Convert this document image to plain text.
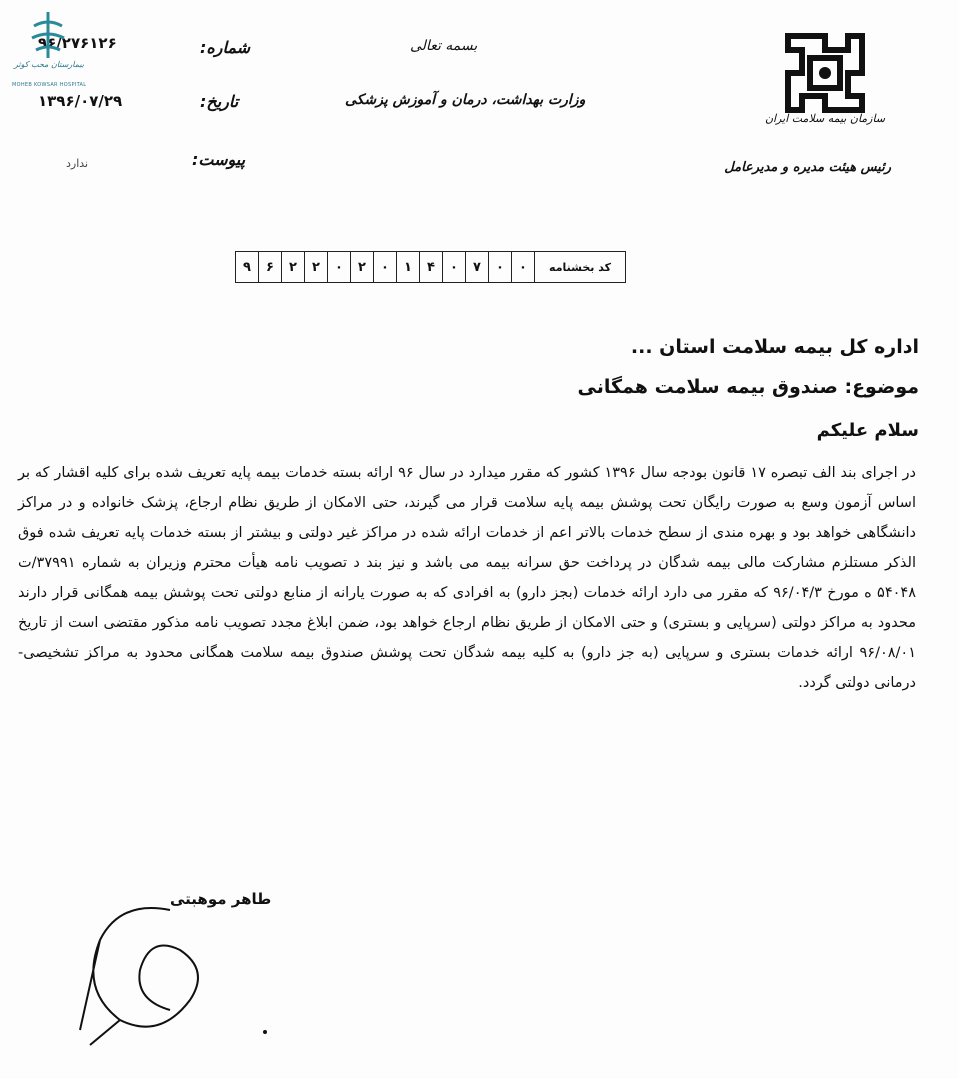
سازمان بیمه سلامت ایران
رئیس هیئت مدیره و مدیرعامل
بسمه تعالی
وزارت بهداشت، درمان و آموزش پزشکی
شماره:
۹۶/۲۷۶۱۲۶
تاریخ:
۱۳۹۶/۰۷/۲۹
پیوست:
ندارد
بیمارستان محب کوثر
MOHEB KOWSAR HOSPITAL
کد بخشنامه	۰	۰	۷	۰	۴	۱	۰	۲	۰	۲	۲	۶	۹
اداره کل بیمه سلامت استان ...
موضوع: صندوق بیمه سلامت همگانی
سلام علیکم
در اجرای بند الف تبصره ۱۷ قانون بودجه سال ۱۳۹۶ کشور که مقرر میدارد در سال ۹۶ ارائه بسته خدمات بیمه پایه تعریف شده برای کلیه اقشار که بر اساس آزمون وسع به صورت رایگان تحت پوشش بیمه پایه سلامت قرار می گیرند، حتی الامکان از طریق نظام ارجاع، پزشک خانواده و در مراکز دانشگاهی خواهد بود و بهره مندی از سطح خدمات بالاتر اعم از خدمات ارائه شده در مراکز غیر دولتی و بیشتر از بسته خدمات پایه تعریف شده فوق الذکر مستلزم مشارکت مالی بیمه شدگان در پرداخت حق سرانه بیمه می باشد و نیز بند د تصویب نامه هیأت محترم وزیران به شماره ۳۷۹۹۱/ت ۵۴۰۴۸ ه مورخ ۹۶/۰۴/۳ که مقرر می دارد ارائه خدمات (بجز دارو) به افرادی که به صورت یارانه از منابع دولتی تحت پوشش بیمه همگانی قرار دارند محدود به مراکز دولتی (سرپایی و بستری) و حتی الامکان از طریق نظام ارجاع خواهد بود، ضمن ابلاغ مجدد تصویب نامه مذکور مقتضی است از تاریخ ۹۶/۰۸/۰۱ ارائه خدمات بستری و سرپایی (به جز دارو) به کلیه بیمه شدگان تحت پوشش صندوق بیمه سلامت همگانی محدود به مراکز تشخیصی- درمانی دولتی گردد.
طاهر موهبتی
